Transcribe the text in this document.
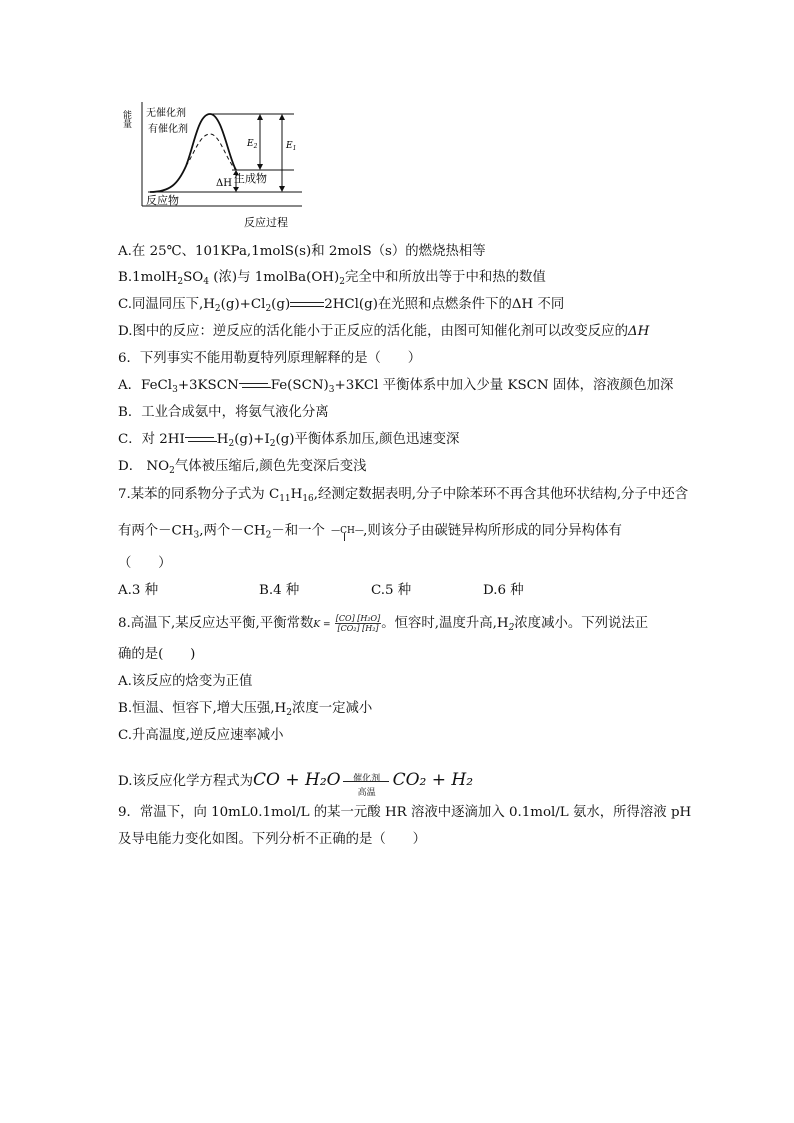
能量 无催化剂
有催化剂
$E_2$	$E_1$
ΔH 生成物
反应物
反应过程
A.在 25℃、101KPa,1molS(s)和 2molS（s）的燃烧热相等
$B.1molH_2SO_4$ (浓)与 $1molBa(OH)_2$完全中和所放出等于中和热的数值
C.同温同压下$,H_2(g)+Cl_2(g)$	2HCl(g)在光照和点燃条件下的ΔH 不同
D.图中的反应：逆反应的活化能小于正反应的活化能，由图可知催化剂可以改变反应的ΔH
6．下列事实不能用勒夏特列原理解释的是（　　）
A．FeCl$_3$+3KSCN $Fe(SCN)_3+3KCl$ 平衡体系中加入少量 KSCN 固体，溶液颜色加深
B．工业合成氨中，将氨气液化分离
C．对 2HI $H_2(g)+I_2(g)$平衡体系加压,颜色迅速变深
D． $NO_2$气体被压缩后,颜色先变深后变浅
7.某苯的同系物分子式为 $C_{11}H_{16}$,经测定数据表明,分子中除苯环不再含其他环状结构,分子中还含
有两个$-CH_3$,两个$-CH_2-$和一个 —CH— ,则该分子由碳链异构所形成的同分异构体有
（　　）
A.3 种	B.4 种	C.5 种	D.6 种
8.高温下,某反应达平衡,平衡常数$K = \frac{\text{[CO] [H₂O]}}{\text{[CO₂] [H₂]}}$ 。恒容时,温度升高$,H_2$浓度减小。下列说法正
确的是(　　)
A.该反应的焓变为正值
B.恒温、恒容下,增大压强$,H_2$浓度一定减小
C.升高温度,逆反应速率减小
D.该反应化学方程式为CO + H₂O	催化剂
高温
CO₂ + H₂
9．常温下，向 10mL0.1mol/L 的某一元酸 HR 溶液中逐滴加入 0.1mol/L 氨水，所得溶液 pH
及导电能力变化如图。下列分析不正确的是（　　）
